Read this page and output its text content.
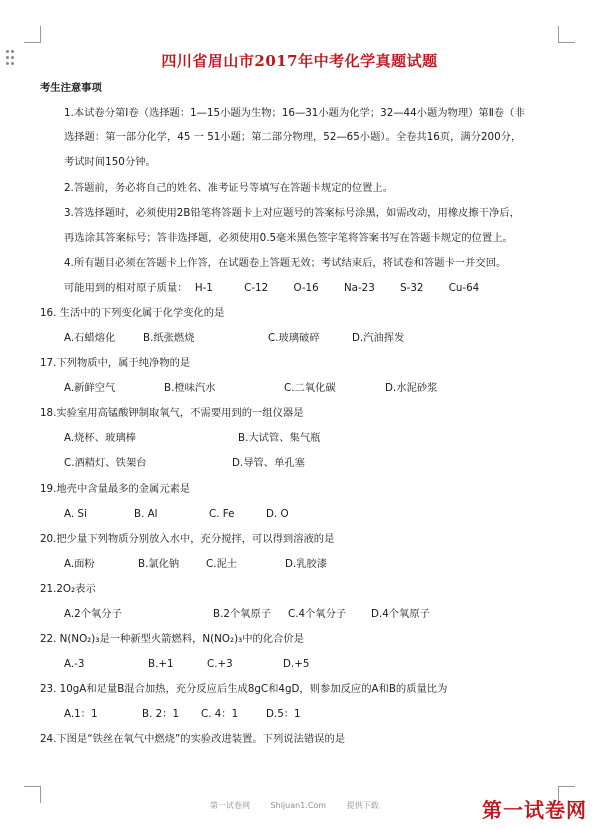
四川省眉山市2017年中考化学真题试题
考生注意事项
1.本试卷分第Ⅰ卷（选择题：1—15小题为生物；16—31小题为化学；32—44小题为物理）第Ⅱ卷（非
选择题：第一部分化学，45 一 51小题；第二部分物理，52—65小题）。全卷共16页，满分200分，
考试时间150分钟。
2.答题前，务必将自己的姓名、准考证号等填写在答题卡规定的位置上。
3.答选择题时，必须使用2B铅笔将答题卡上对应题号的答案标号涂黑，如需改动，用橡皮擦干净后，
再选涂其答案标号；答非选择题，必须使用0.5毫米黑色签字笔将答案书写在答题卡规定的位置上。
4.所有题目必须在答题卡上作答，在试题卷上答题无效；考试结束后，将试卷和答题卡一并交回。
可能用到的相对原子质量： H-1	C-12 O-16 Na-23 S-32 Cu-64
16. 生活中的下列变化属于化学变化的是
A.石蜡熔化	B.纸张燃烧	C.玻璃破碎	D.汽油挥发
17.下列物质中，属于纯净物的是
A.新鲜空气	B.橙味汽水	C.二氧化碳	D.水泥砂浆
18.实验室用高锰酸钾制取氧气，不需要用到的一组仪器是
A.烧杯、玻璃棒	B.大试管、集气瓶
C.酒精灯、铁架台	D.导管、单孔塞
19.地壳中含量最多的金属元素是
A. Si	B. Al	C. Fe	D. O
20.把少量下列物质分别放入水中，充分搅拌，可以得到溶液的是
A.面粉	B.氯化钠	C.泥土	D.乳胶漆
21.2O₂表示
A.2个氧分子	B.2个氧原子 C.4个氧分子 D.4个氧原子
22. N(NO₂)₃是一种新型火箭燃料，N(NO₂)₃中的化合价是
A.-3	B.+1	C.+3	D.+5
23. 10gA和足量B混合加热，充分反应后生成8gC和4gD，则参加反应的A和B的质量比为
A.1：1	B. 2：1 C. 4：1	D.5：1
24.下图是“铁丝在氧气中燃烧”的实验改进装置。下列说法错误的是
第一试卷网	Shijuan1.Com	提供下载	第一试卷网
